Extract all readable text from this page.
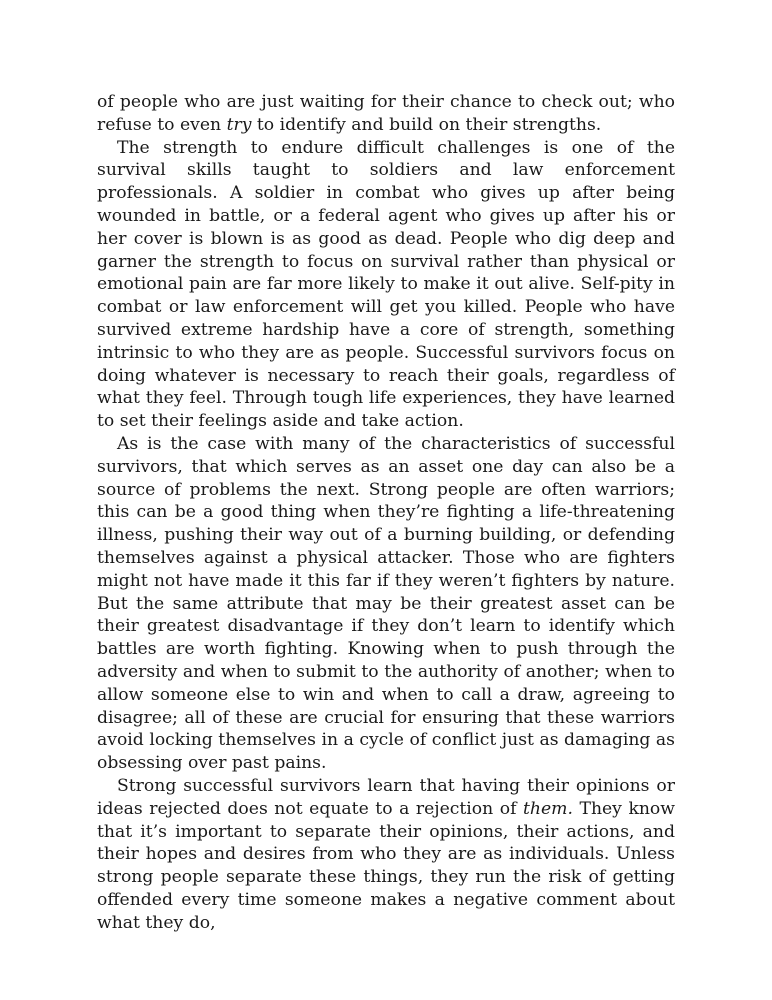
of people who are just waiting for their chance to check out; who refuse to even try to identify and build on their strengths.

The strength to endure difficult challenges is one of the survival skills taught to soldiers and law enforcement professionals. A soldier in combat who gives up after being wounded in battle, or a federal agent who gives up after his or her cover is blown is as good as dead. People who dig deep and garner the strength to focus on survival rather than physical or emotional pain are far more likely to make it out alive. Self-pity in combat or law enforcement will get you killed. People who have survived extreme hardship have a core of strength, something intrinsic to who they are as people. Successful survivors focus on doing whatever is necessary to reach their goals, regardless of what they feel. Through tough life experiences, they have learned to set their feelings aside and take action.

As is the case with many of the characteristics of successful survivors, that which serves as an asset one day can also be a source of problems the next. Strong people are often warriors; this can be a good thing when they’re fighting a life-threatening illness, pushing their way out of a burning building, or defending themselves against a physical attacker. Those who are fighters might not have made it this far if they weren’t fighters by nature. But the same attribute that may be their greatest asset can be their greatest disadvantage if they don’t learn to identify which battles are worth fighting. Knowing when to push through the adversity and when to submit to the authority of another; when to allow someone else to win and when to call a draw, agreeing to disagree; all of these are crucial for ensuring that these warriors avoid locking themselves in a cycle of conflict just as damaging as obsessing over past pains.

Strong successful survivors learn that having their opinions or ideas rejected does not equate to a rejection of them. They know that it’s important to separate their opinions, their actions, and their hopes and desires from who they are as individuals. Unless strong people separate these things, they run the risk of getting offended every time someone makes a negative comment about what they do,
